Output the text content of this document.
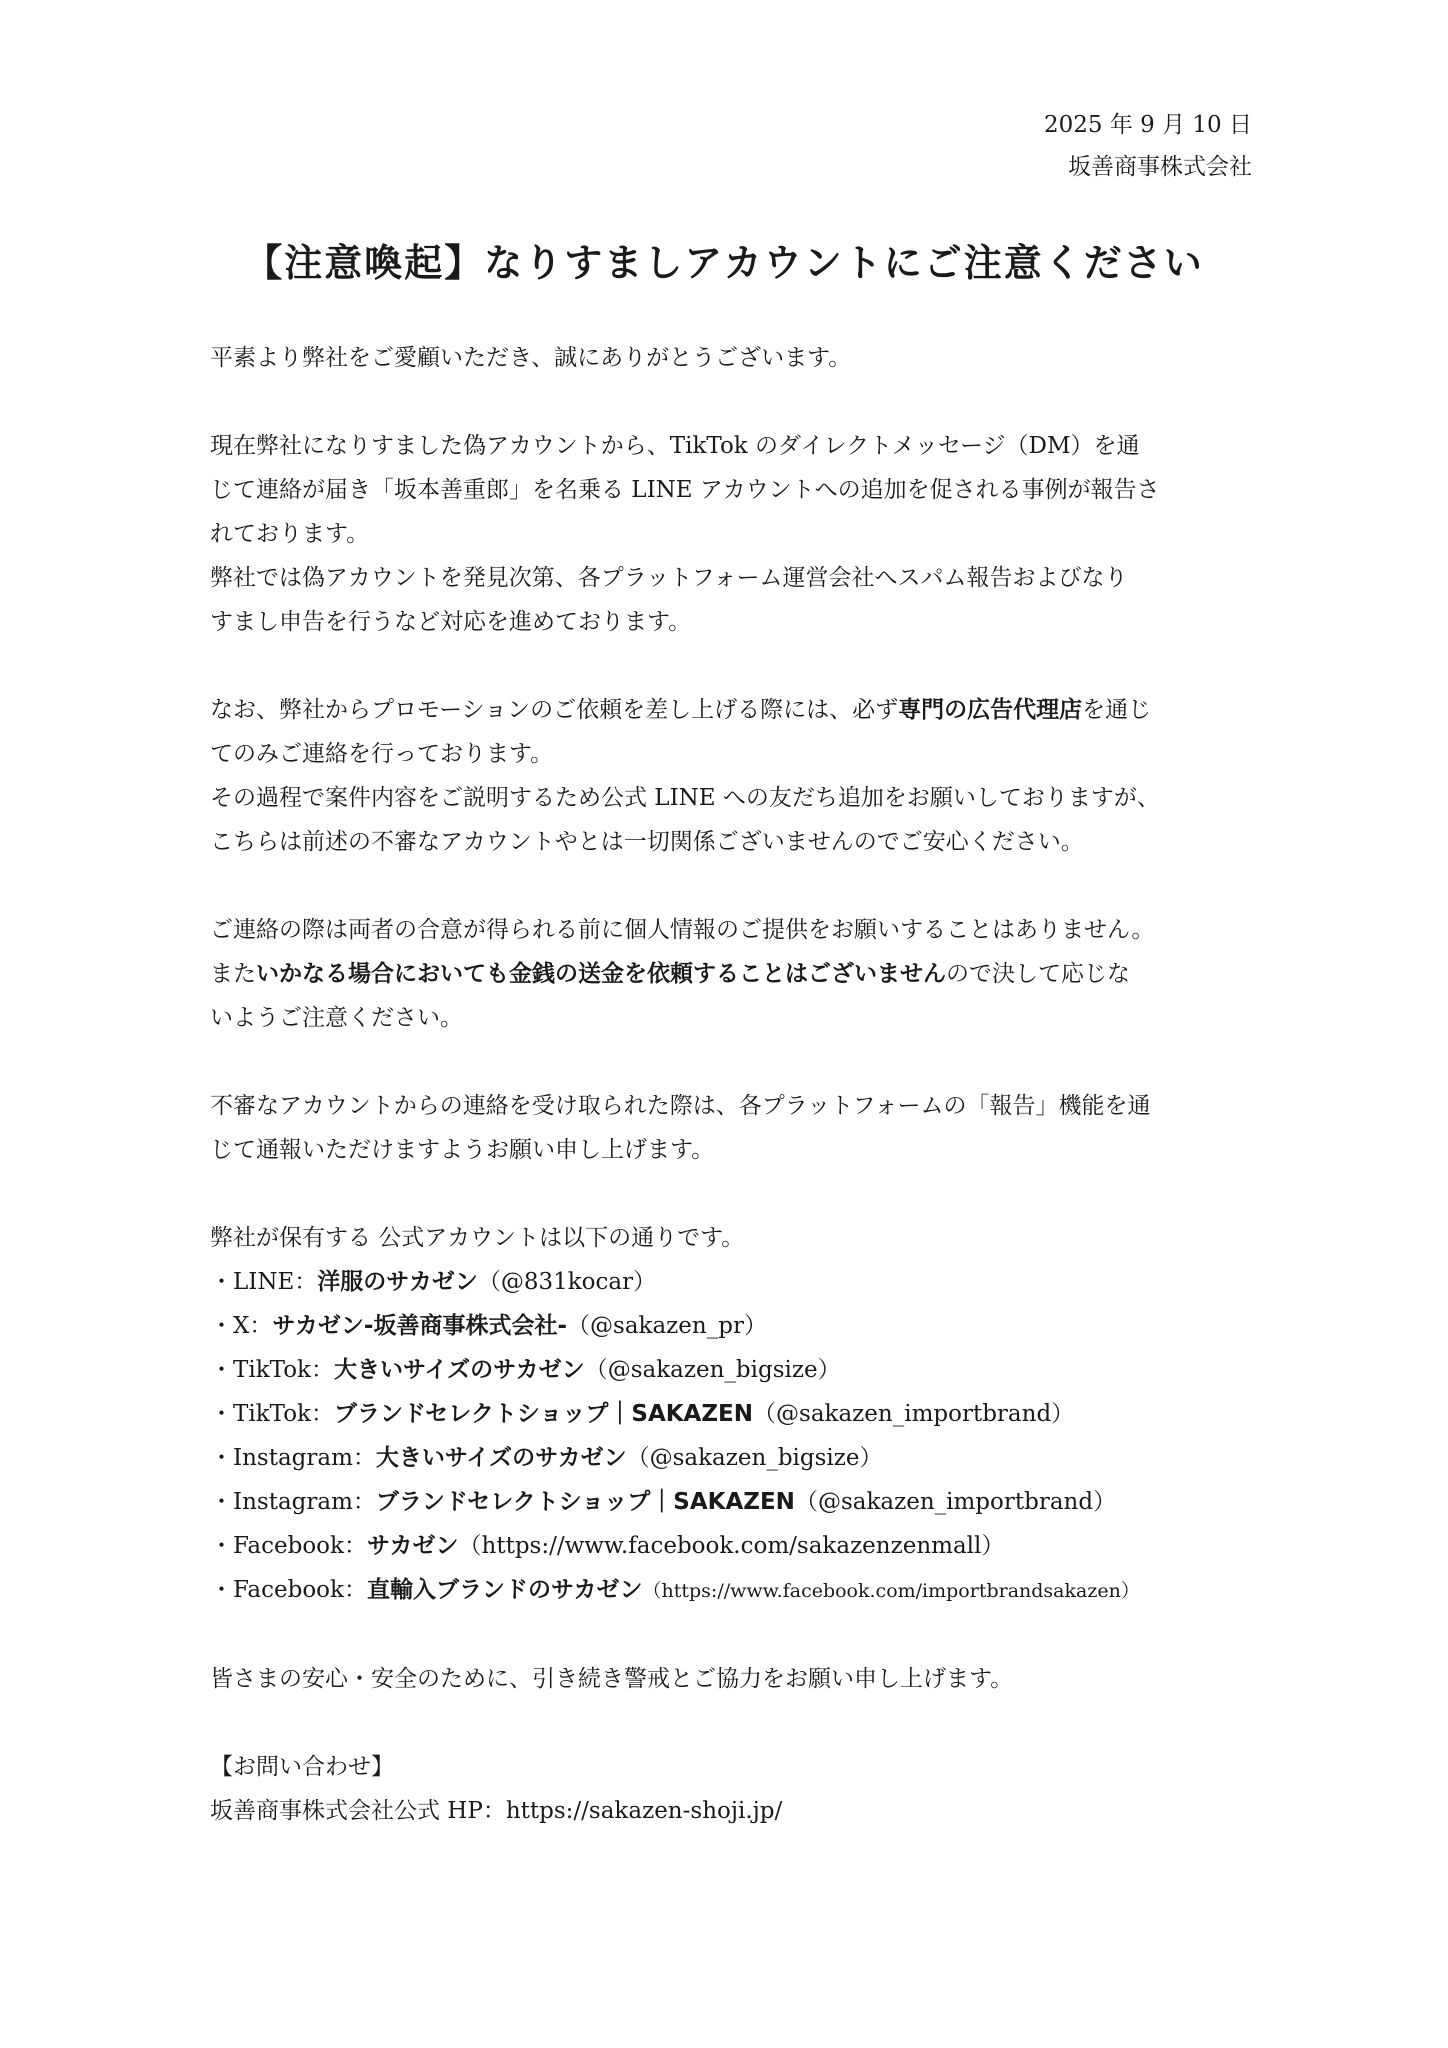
2025 年 9 月 10 日
坂善商事株式会社
【注意喚起】なりすましアカウントにご注意ください

平素より弊社をご愛顧いただき、誠にありがとうございます。

現在弊社になりすました偽アカウントから、TikTok のダイレクトメッセージ（DM）を通
じて連絡が届き「坂本善重郎」を名乗る LINE アカウントへの追加を促される事例が報告さ
れております。
弊社では偽アカウントを発見次第、各プラットフォーム運営会社へスパム報告およびなり
すまし申告を行うなど対応を進めております。

なお、弊社からプロモーションのご依頼を差し上げる際には、必ず専門の広告代理店を通じ
てのみご連絡を行っております。
その過程で案件内容をご説明するため公式 LINE への友だち追加をお願いしておりますが、
こちらは前述の不審なアカウントやとは一切関係ございませんのでご安心ください。

ご連絡の際は両者の合意が得られる前に個人情報のご提供をお願いすることはありません。
またいかなる場合においても金銭の送金を依頼することはございませんので決して応じな
いようご注意ください。

不審なアカウントからの連絡を受け取られた際は、各プラットフォームの「報告」機能を通
じて通報いただけますようお願い申し上げます。

弊社が保有する 公式アカウントは以下の通りです。

・LINE：洋服のサカゼン（@831kocar）
・X：サカゼン-坂善商事株式会社-（@sakazen_pr）
・TikTok：大きいサイズのサカゼン（@sakazen_bigsize）
・TikTok：ブランドセレクトショップ｜SAKAZEN（@sakazen_importbrand）
・Instagram：大きいサイズのサカゼン（@sakazen_bigsize）
・Instagram：ブランドセレクトショップ｜SAKAZEN（@sakazen_importbrand）
・Facebook：サカゼン（https://www.facebook.com/sakazenzenmall）
・Facebook：直輸入ブランドのサカゼン（https://www.facebook.com/importbrandsakazen）

皆さまの安心・安全のために、引き続き警戒とご協力をお願い申し上げます。

【お問い合わせ】
坂善商事株式会社公式 HP：https://sakazen-shoji.jp/
